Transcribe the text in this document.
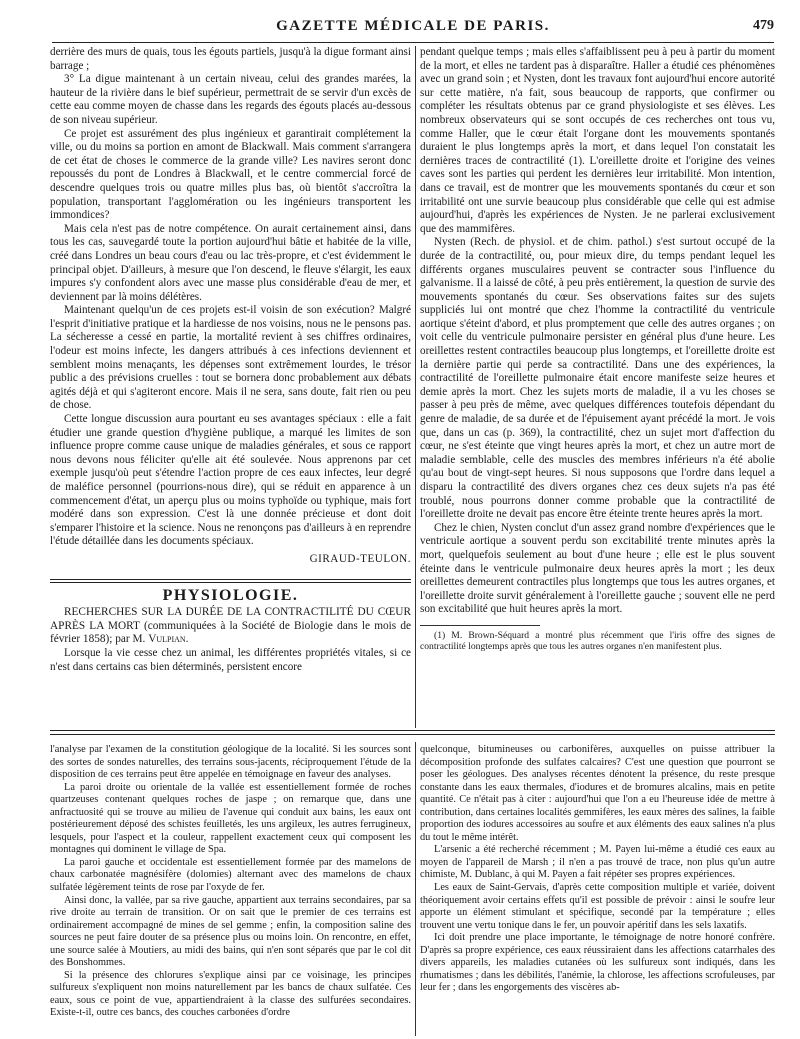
GAZETTE MÉDICALE DE PARIS.	479

derrière des murs de quais, tous les égouts partiels, jusqu'à la digue formant ainsi barrage ;

3° La digue maintenant à un certain niveau, celui des grandes marées, la hauteur de la rivière dans le bief supérieur, permettrait de se servir d'un excès de cette eau comme moyen de chasse dans les regards des égouts placés au-dessous de son niveau supérieur.

Ce projet est assurément des plus ingénieux et garantirait complétement la ville, ou du moins sa portion en amont de Blackwall. Mais comment s'arrangera de cet état de choses le commerce de la grande ville? Les navires seront donc repoussés du pont de Londres à Blackwall, et le centre commercial forcé de descendre quelques trois ou quatre milles plus bas, où bientôt s'accroîtra la population, transportant l'agglomération ou les ingénieurs transportent les immondices?

Mais cela n'est pas de notre compétence. On aurait certainement ainsi, dans tous les cas, sauvegardé toute la portion aujourd'hui bâtie et habitée de la ville, créé dans Londres un beau cours d'eau ou lac très-propre, et c'est évidemment le principal objet. D'ailleurs, à mesure que l'on descend, le fleuve s'élargit, les eaux impures s'y confondent alors avec une masse plus considérable d'eau de mer, et deviennent par là moins délétères.

Maintenant quelqu'un de ces projets est-il voisin de son exécution? Malgré l'esprit d'initiative pratique et la hardiesse de nos voisins, nous ne le pensons pas. La sécheresse a cessé en partie, la mortalité revient à ses chiffres ordinaires, l'odeur est moins infecte, les dangers attribués à ces infections deviennent et semblent moins menaçants, les dépenses sont extrêmement lourdes, le trésor public a des prévisions cruelles : tout se bornera donc probablement aux débats agités déjà et qui s'agiteront encore. Mais il ne sera, sans doute, fait rien ou peu de chose.

Cette longue discussion aura pourtant eu ses avantages spéciaux : elle a fait étudier une grande question d'hygiène publique, a marqué les limites de son influence propre comme cause unique de maladies générales, et sous ce rapport nous devons nous féliciter qu'elle ait été soulevée. Nous apprenons par cet exemple jusqu'où peut s'étendre l'action propre de ces eaux infectes, leur degré de maléfice personnel (pourrions-nous dire), qui se réduit en apparence à un commencement d'état, un aperçu plus ou moins typhoïde ou typhique, mais fort modéré dans son expression. C'est là une donnée précieuse et dont doit s'emparer l'histoire et la science. Nous ne renonçons pas d'ailleurs à en reprendre l'étude détaillée dans les documents spéciaux.

GIRAUD-TEULON.
PHYSIOLOGIE.

RECHERCHES SUR LA DURÉE DE LA CONTRACTILITÉ DU CŒUR APRÈS LA MORT (communiquées à la Société de Biologie dans le mois de février 1858); par M. Vulpian.

Lorsque la vie cesse chez un animal, les différentes propriétés vitales, si ce n'est dans certains cas bien déterminés, persistent encore

pendant quelque temps ; mais elles s'affaiblissent peu à peu à partir du moment de la mort, et elles ne tardent pas à disparaître. Haller a étudié ces phénomènes avec un grand soin ; et Nysten, dont les travaux font aujourd'hui encore autorité sur cette matière, n'a fait, sous beaucoup de rapports, que confirmer ou compléter les résultats obtenus par ce grand physiologiste et ses élèves. Les nombreux observateurs qui se sont occupés de ces recherches ont tous vu, comme Haller, que le cœur était l'organe dont les mouvements spontanés duraient le plus longtemps après la mort, et dans lequel l'on constatait les dernières traces de contractilité (1). L'oreillette droite et l'origine des veines caves sont les parties qui perdent les dernières leur irritabilité. Mon intention, dans ce travail, est de montrer que les mouvements spontanés du cœur et son irritabilité ont une survie beaucoup plus considérable que celle qui est admise aujourd'hui, d'après les expériences de Nysten. Je ne parlerai exclusivement que des mammifères.

Nysten (Rech. de physiol. et de chim. pathol.) s'est surtout occupé de la durée de la contractilité, ou, pour mieux dire, du temps pendant lequel les différents organes musculaires peuvent se contracter sous l'influence du galvanisme. Il a laissé de côté, à peu près entièrement, la question de survie des mouvements spontanés du cœur. Ses observations faites sur des sujets suppliciés lui ont montré que chez l'homme la contractilité du ventricule aortique s'éteint d'abord, et plus promptement que celle des autres organes ; on voit celle du ventricule pulmonaire persister en général plus d'une heure. Les oreillettes restent contractiles beaucoup plus longtemps, et l'oreillette droite est la dernière partie qui perde sa contractilité. Dans une des expériences, la contractilité de l'oreillette pulmonaire était encore manifeste seize heures et demie après la mort. Chez les sujets morts de maladie, il a vu les choses se passer à peu près de même, avec quelques différences toutefois dépendant du genre de maladie, de sa durée et de l'épuisement ayant précédé la mort. Je vois que, dans un cas (p. 369), la contractilité, chez un sujet mort d'affection du cœur, ne s'est éteinte que vingt heures après la mort, et chez un autre mort de maladie semblable, celle des muscles des membres inférieurs n'a été abolie qu'au bout de vingt-sept heures. Si nous supposons que l'ordre dans lequel a disparu la contractilité des divers organes chez ces deux sujets n'a pas été troublé, nous pourrons donner comme probable que la contractilité de l'oreillette droite ne devait pas encore être éteinte trente heures après la mort.

Chez le chien, Nysten conclut d'un assez grand nombre d'expériences que le ventricule aortique a souvent perdu son excitabilité trente minutes après la mort, quelquefois seulement au bout d'une heure ; elle est le plus souvent éteinte dans le ventricule pulmonaire deux heures après la mort ; les deux oreillettes demeurent contractiles plus longtemps que tous les autres organes, et l'oreillette droite survit généralement à l'oreillette gauche ; souvent elle ne perd son excitabilité que huit heures après la mort.

(1) M. Brown-Séquard a montré plus récemment que l'iris offre des signes de contractilité longtemps après que tous les autres organes n'en manifestent plus.

l'analyse par l'examen de la constitution géologique de la localité. Si les sources sont des sortes de sondes naturelles, des terrains sous-jacents, réciproquement l'étude de la disposition de ces terrains peut être appelée en témoignage en faveur des analyses.

La paroi droite ou orientale de la vallée est essentiellement formée de roches quartzeuses contenant quelques roches de jaspe ; on remarque que, dans une anfractuosité qui se trouve au milieu de l'avenue qui conduit aux bains, les eaux ont postérieurement déposé des schistes feuilletés, les uns argileux, les autres ferrugineux, lesquels, pour l'aspect et la couleur, rappellent exactement ceux qui composent les montagnes qui dominent le village de Spa.

La paroi gauche et occidentale est essentiellement formée par des mamelons de chaux carbonatée magnésifère (dolomies) alternant avec des mamelons de chaux sulfatée légèrement teints de rose par l'oxyde de fer.

Ainsi donc, la vallée, par sa rive gauche, appartient aux terrains secondaires, par sa rive droite au terrain de transition. Or on sait que le premier de ces terrains est ordinairement accompagné de mines de sel gemme ; enfin, la composition saline des sources ne peut faire douter de sa présence plus ou moins loin. On rencontre, en effet, une source salée à Moutiers, au midi des bains, qui n'en sont séparés que par le col dit des Bonshommes.

Si la présence des chlorures s'explique ainsi par ce voisinage, les principes sulfureux s'expliquent non moins naturellement par les bancs de chaux sulfatée. Ces eaux, sous ce point de vue, appartiendraient à la classe des sulfurées secondaires. Existe-t-il, outre ces bancs, des couches carbonées d'ordre

quelconque, bitumineuses ou carbonifères, auxquelles on puisse attribuer la décomposition profonde des sulfates calcaires? C'est une question que pourront se poser les géologues. Des analyses récentes dénotent la présence, du reste presque constante dans les eaux thermales, d'iodures et de bromures alcalins, mais en petite quantité. Ce n'était pas à citer : aujourd'hui que l'on a eu l'heureuse idée de mettre à contribution, dans certaines localités gemmifères, les eaux mères des salines, la faible proportion des iodures accessoires au soufre et aux éléments des eaux salines n'a plus du tout le même intérêt.

L'arsenic a été recherché récemment ; M. Payen lui-même a étudié ces eaux au moyen de l'appareil de Marsh ; il n'en a pas trouvé de trace, non plus qu'un autre chimiste, M. Dublanc, à qui M. Payen a fait répéter ses propres expériences.

Les eaux de Saint-Gervais, d'après cette composition multiple et variée, doivent théoriquement avoir certains effets qu'il est possible de prévoir : ainsi le soufre leur apporte un élément stimulant et spécifique, secondé par la température ; elles trouvent une vertu tonique dans le fer, un pouvoir apéritif dans les sels laxatifs.

Ici doit prendre une place importante, le témoignage de notre honoré confrère. D'après sa propre expérience, ces eaux réussiraient dans les affections catarrhales des divers appareils, les maladies cutanées où les sulfureux sont indiqués, dans les rhumatismes ; dans les débilités, l'anémie, la chlorose, les affections scrofuleuses, par leur fer ; dans les engorgements des viscères ab-
